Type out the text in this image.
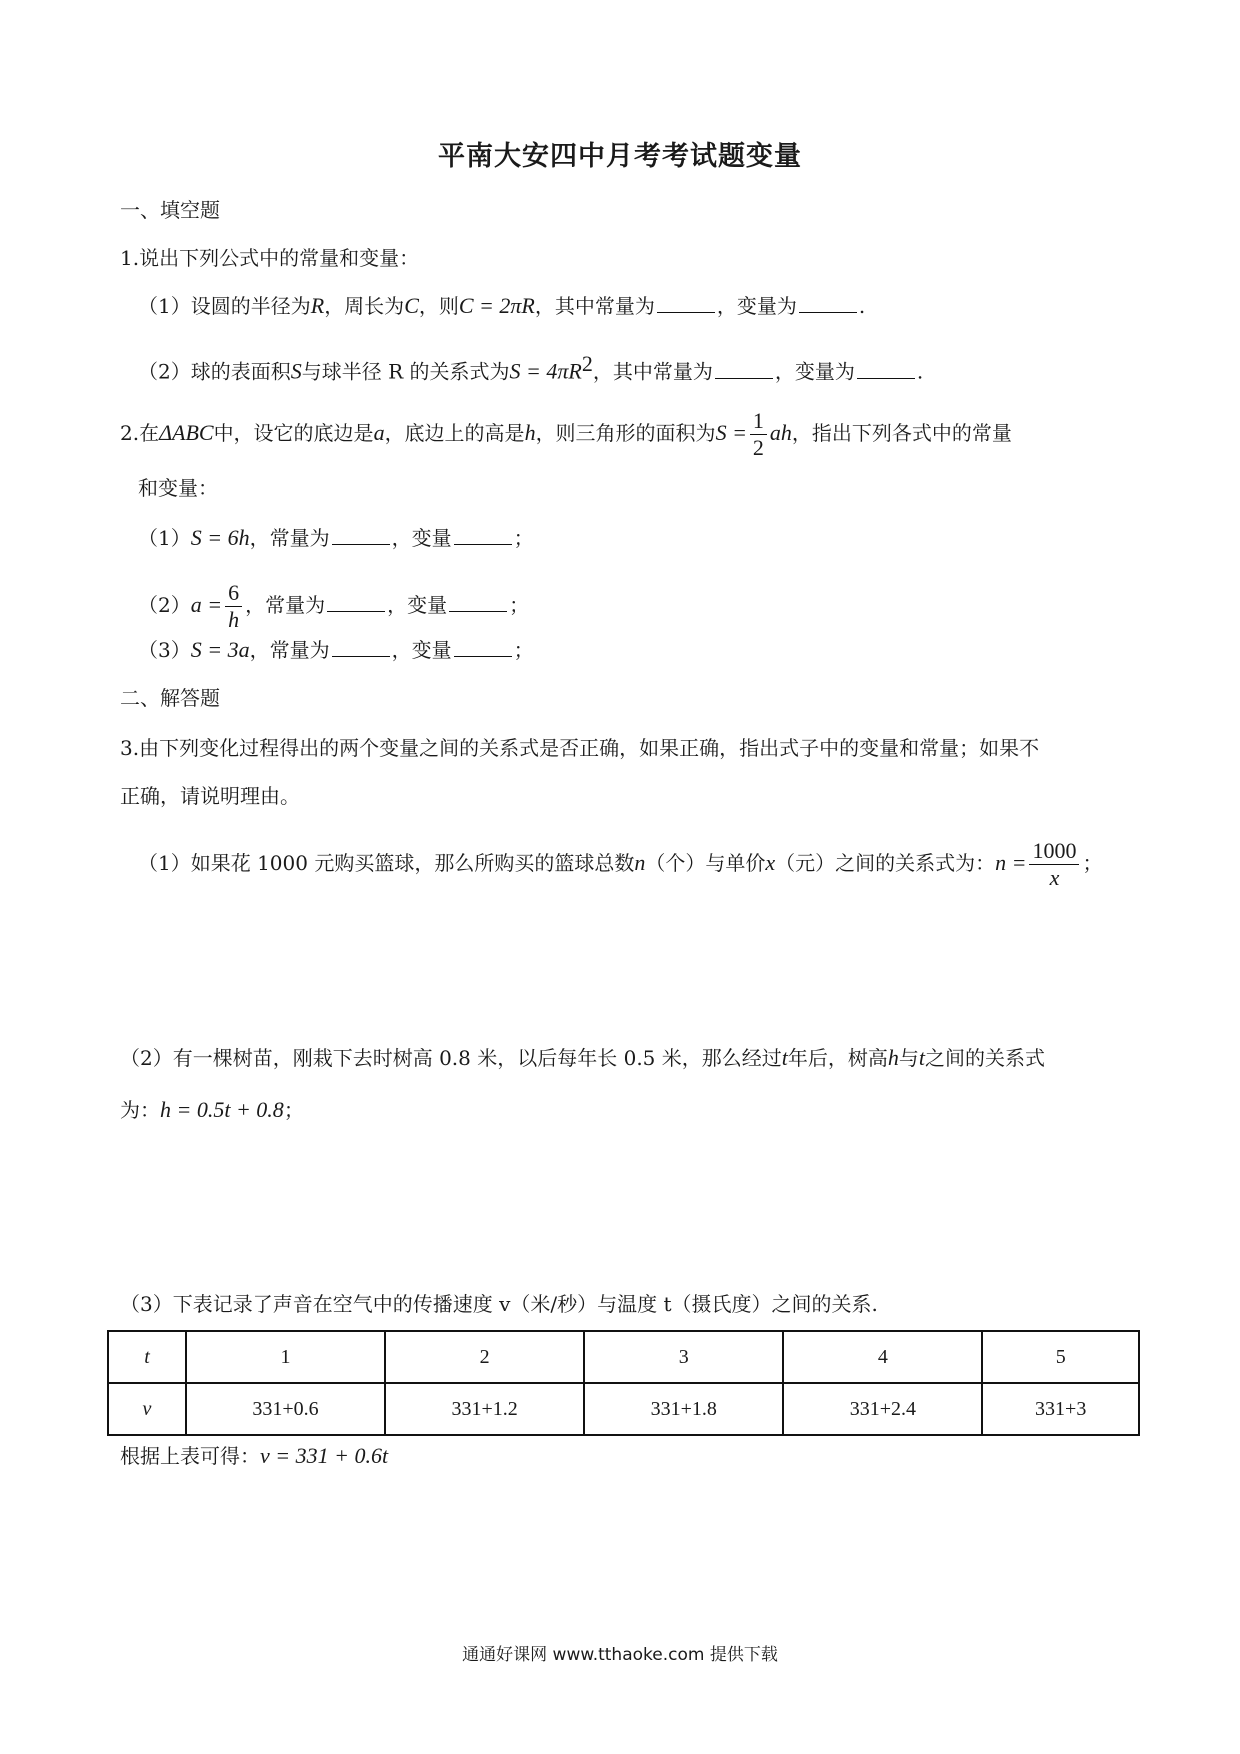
平南大安四中月考考试题变量
一、填空题
1.说出下列公式中的常量和变量：
（1）设圆的半径为R，周长为C，则C = 2πR，其中常量为	，变量为	.
（2）球的表面积S与球半径 R 的关系式为$S = 4\pi R^2$，其中常量为	，变量为	.
2.在ΔABC中，设它的底边是a，底边上的高是h，则三角形的面积为$S = \frac{1}{2}$ ah，指出下列各式中的常量
和变量：
（1）S = 6h，常量为	，变量	；
$(2)a = \frac{6}{h}$ ，常量为	，变量	；
（3）S = 3a，常量为	，变量	；
二、解答题
3.由下列变化过程得出的两个变量之间的关系式是否正确，如果正确，指出式子中的变量和常量；如果不
正确，请说明理由。
（1）如果花 1000 元购买篮球，那么所购买的篮球总数n（个）与单价x（元）之间的关系式为：$n = \frac{1000}{x}$ ；
（2）有一棵树苗，刚栽下去时树高 0.8 米，以后每年长 0.5 米，那么经过t年后，树高h与t之间的关系式
为：h = 0.5t + 0.8；
（3）下表记录了声音在空气中的传播速度 v（米/秒）与温度 t（摄氏度）之间的关系.
t	1	2	3	4	5
v	331+0.6	331+1.2	331+1.8	331+2.4	331+3
根据上表可得：v = 331 + 0.6t
通通好课网 www.tthaoke.com 提供下载
